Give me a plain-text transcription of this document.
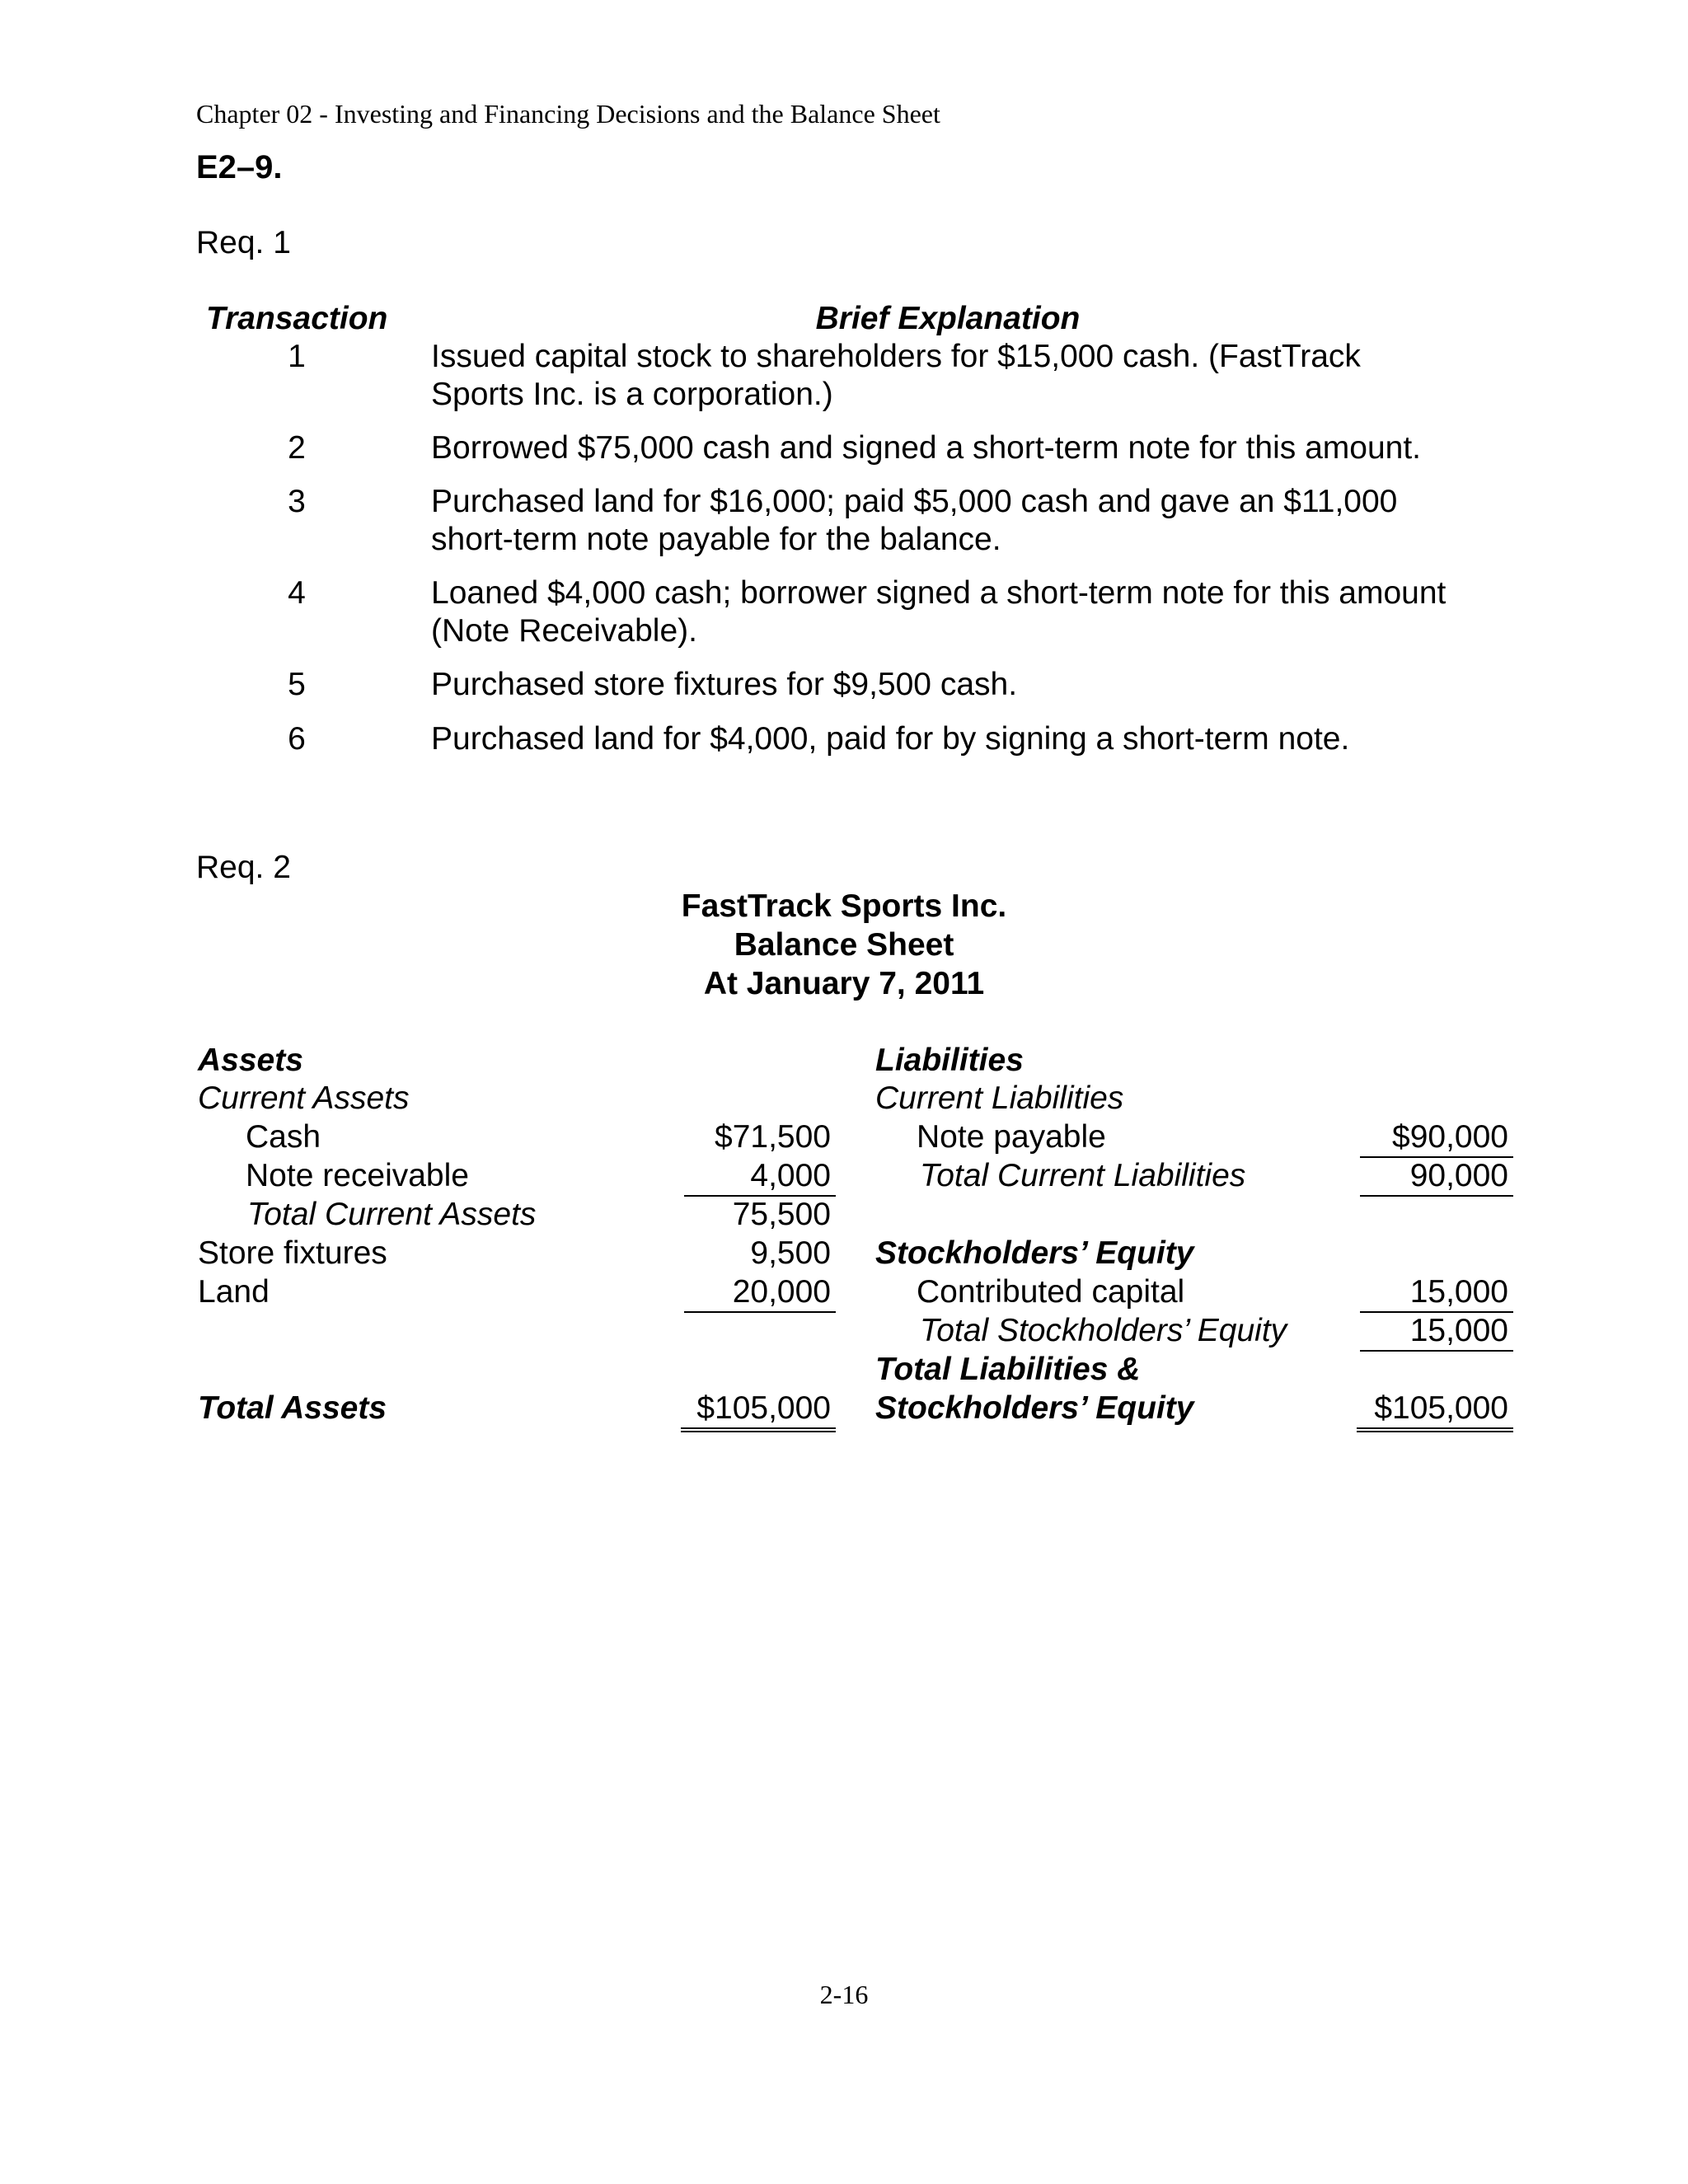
Chapter 02 - Investing and Financing Decisions and the Balance Sheet
E2–9.
Req. 1
Transaction	Brief Explanation
1	Issued capital stock to shareholders for $15,000 cash. (FastTrack
Sports Inc. is a corporation.)
2	Borrowed $75,000 cash and signed a short-term note for this amount.
3	Purchased land for $16,000; paid $5,000 cash and gave an $11,000
short-term note payable for the balance.
4	Loaned $4,000 cash; borrower signed a short-term note for this amount
(Note Receivable).
5	Purchased store fixtures for $9,500 cash.
6	Purchased land for $4,000, paid for by signing a short-term note.
Req. 2
FastTrack Sports Inc.
Balance Sheet
At January 7, 2011
Assets
Current Assets
Cash	$71,500
Note receivable	4,000
Total Current Assets	75,500
Store fixtures	9,500
Land	20,000
Total Assets	$105,000
Liabilities
Current Liabilities
Note payable	$90,000
Total Current Liabilities	90,000
Stockholders’ Equity
Contributed capital	15,000
Total Stockholders’ Equity	15,000
Total Liabilities &
Stockholders’ Equity	$105,000
2-16
